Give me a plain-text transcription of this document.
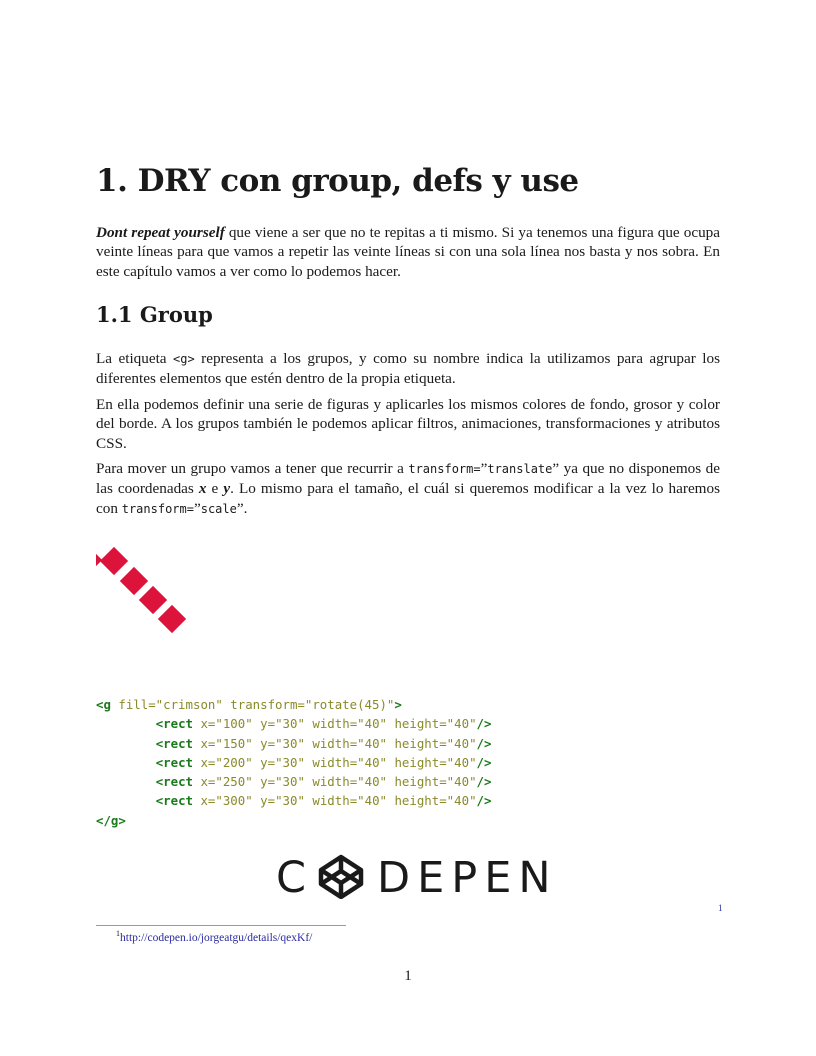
1. DRY con group, defs y use

Dont repeat yourself que viene a ser que no te repitas a ti mismo. Si ya tenemos una figura que ocupa veinte líneas para que vamos a repetir las veinte líneas si con una sola línea nos basta y nos sobra. En este capítulo vamos a ver como lo podemos hacer.

1.1 Group

La etiqueta <g> representa a los grupos, y como su nombre indica la utilizamos para agrupar los diferentes elementos que estén dentro de la propia etiqueta.

En ella podemos definir una serie de figuras y aplicarles los mismos colores de fondo, grosor y color del borde. A los grupos también le podemos aplicar filtros, animaciones, transformaciones y atributos CSS.

Para mover un grupo vamos a tener que recurrir a transform=”translate” ya que no disponemos de las coordenadas x e y. Lo mismo para el tamaño, el cuál si queremos modificar a la vez lo haremos con transform=”scale”.

<g fill="crimson" transform="rotate(45)">
<rect x="100" y="30" width="40" height="40"/>
<rect x="150" y="30" width="40" height="40"/>
<rect x="200" y="30" width="40" height="40"/>
<rect x="250" y="30" width="40" height="40"/>
<rect x="300" y="30" width="40" height="40"/>
</g>
C DEPEN
1
$^1$http://codepen.io/jorgeatgu/details/qexKf/
1
